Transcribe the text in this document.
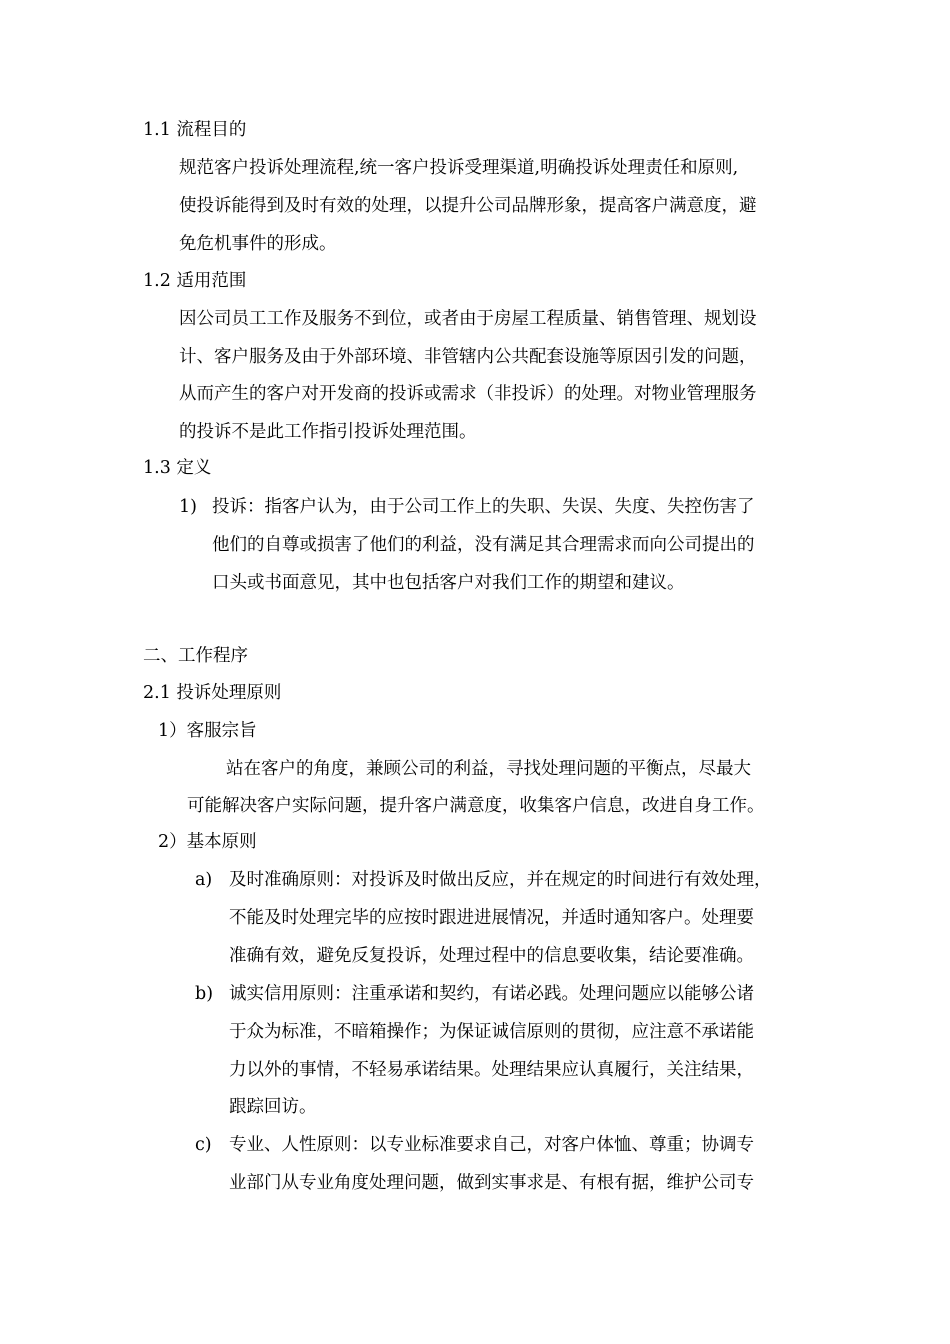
1.1 流程目的
规范客户投诉处理流程,统一客户投诉受理渠道,明确投诉处理责任和原则,
使投诉能得到及时有效的处理，以提升公司品牌形象，提高客户满意度，避
免危机事件的形成。
1.2 适用范围
因公司员工工作及服务不到位，或者由于房屋工程质量、销售管理、规划设
计、客户服务及由于外部环境、非管辖内公共配套设施等原因引发的问题，
从而产生的客户对开发商的投诉或需求（非投诉）的处理。对物业管理服务
的投诉不是此工作指引投诉处理范围。
1.3 定义
1) 投诉：指客户认为，由于公司工作上的失职、失误、失度、失控伤害了
他们的自尊或损害了他们的利益，没有满足其合理需求而向公司提出的
口头或书面意见，其中也包括客户对我们工作的期望和建议。
二、工作程序
2.1 投诉处理原则
1）客服宗旨
站在客户的角度，兼顾公司的利益，寻找处理问题的平衡点，尽最大
可能解决客户实际问题，提升客户满意度，收集客户信息，改进自身工作。
2）基本原则
a) 及时准确原则：对投诉及时做出反应，并在规定的时间进行有效处理，
不能及时处理完毕的应按时跟进进展情况，并适时通知客户。处理要
准确有效，避免反复投诉，处理过程中的信息要收集，结论要准确。
b) 诚实信用原则：注重承诺和契约，有诺必践。处理问题应以能够公诸
于众为标准，不暗箱操作；为保证诚信原则的贯彻，应注意不承诺能
力以外的事情，不轻易承诺结果。处理结果应认真履行，关注结果，
跟踪回访。
c) 专业、人性原则：以专业标准要求自己，对客户体恤、尊重；协调专
业部门从专业角度处理问题，做到实事求是、有根有据，维护公司专
